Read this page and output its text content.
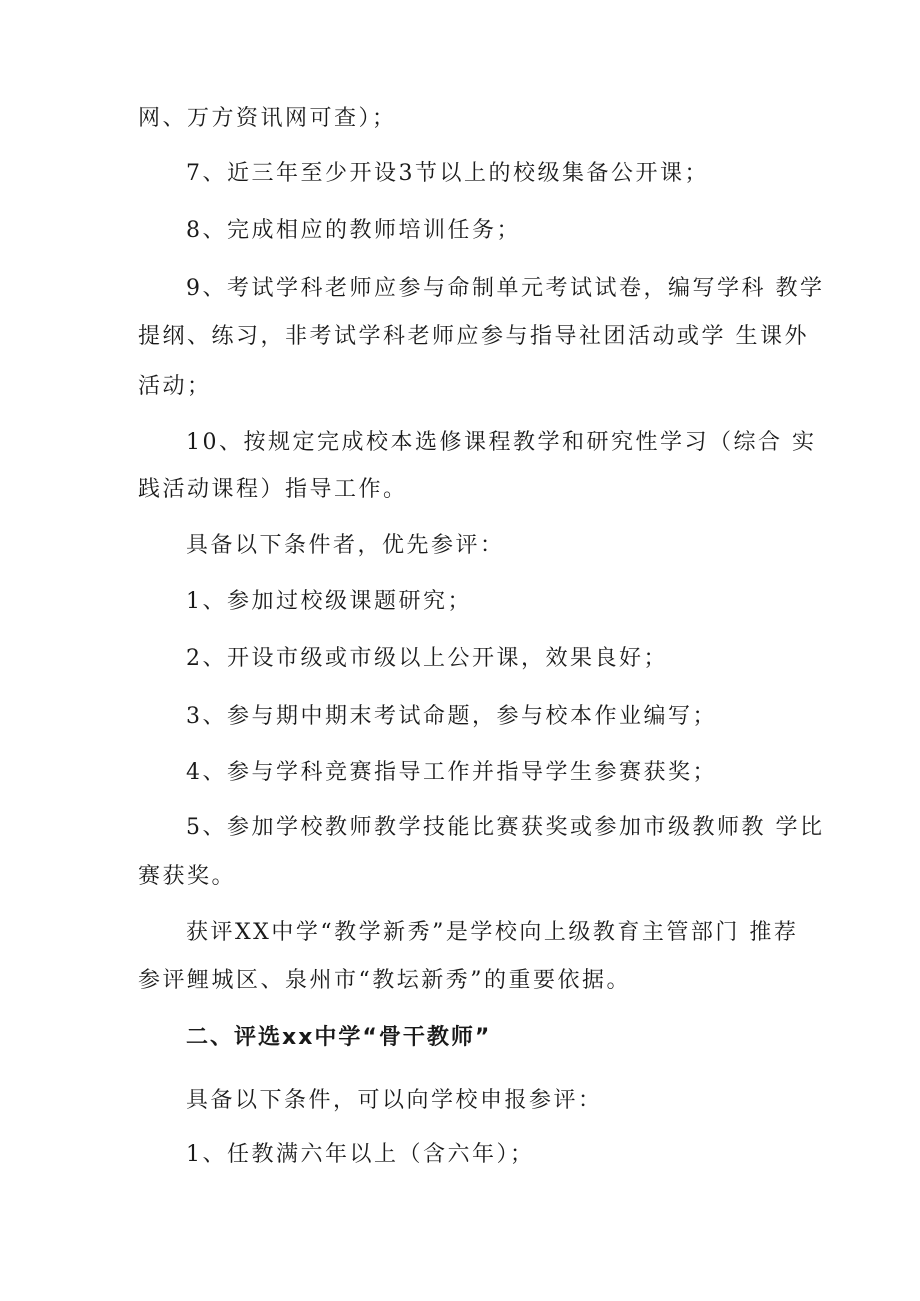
网、万方资讯网可查）；
7、近三年至少开设3节以上的校级集备公开课；
8、完成相应的教师培训任务；
9、考试学科老师应参与命制单元考试试卷，编写学科 教学
提纲、练习，非考试学科老师应参与指导社团活动或学 生课外
活动；
10、按规定完成校本选修课程教学和研究性学习（综合 实
践活动课程）指导工作。
具备以下条件者，优先参评：
1、参加过校级课题研究；
2、开设市级或市级以上公开课，效果良好；
3、参与期中期末考试命题，参与校本作业编写；
4、参与学科竞赛指导工作并指导学生参赛获奖；
5、参加学校教师教学技能比赛获奖或参加市级教师教 学比
赛获奖。
获评XX中学“教学新秀”是学校向上级教育主管部门 推荐
参评鲤城区、泉州市“教坛新秀”的重要依据。
二、评选xx中学“骨干教师”
具备以下条件，可以向学校申报参评：
1、任教满六年以上（含六年）；
